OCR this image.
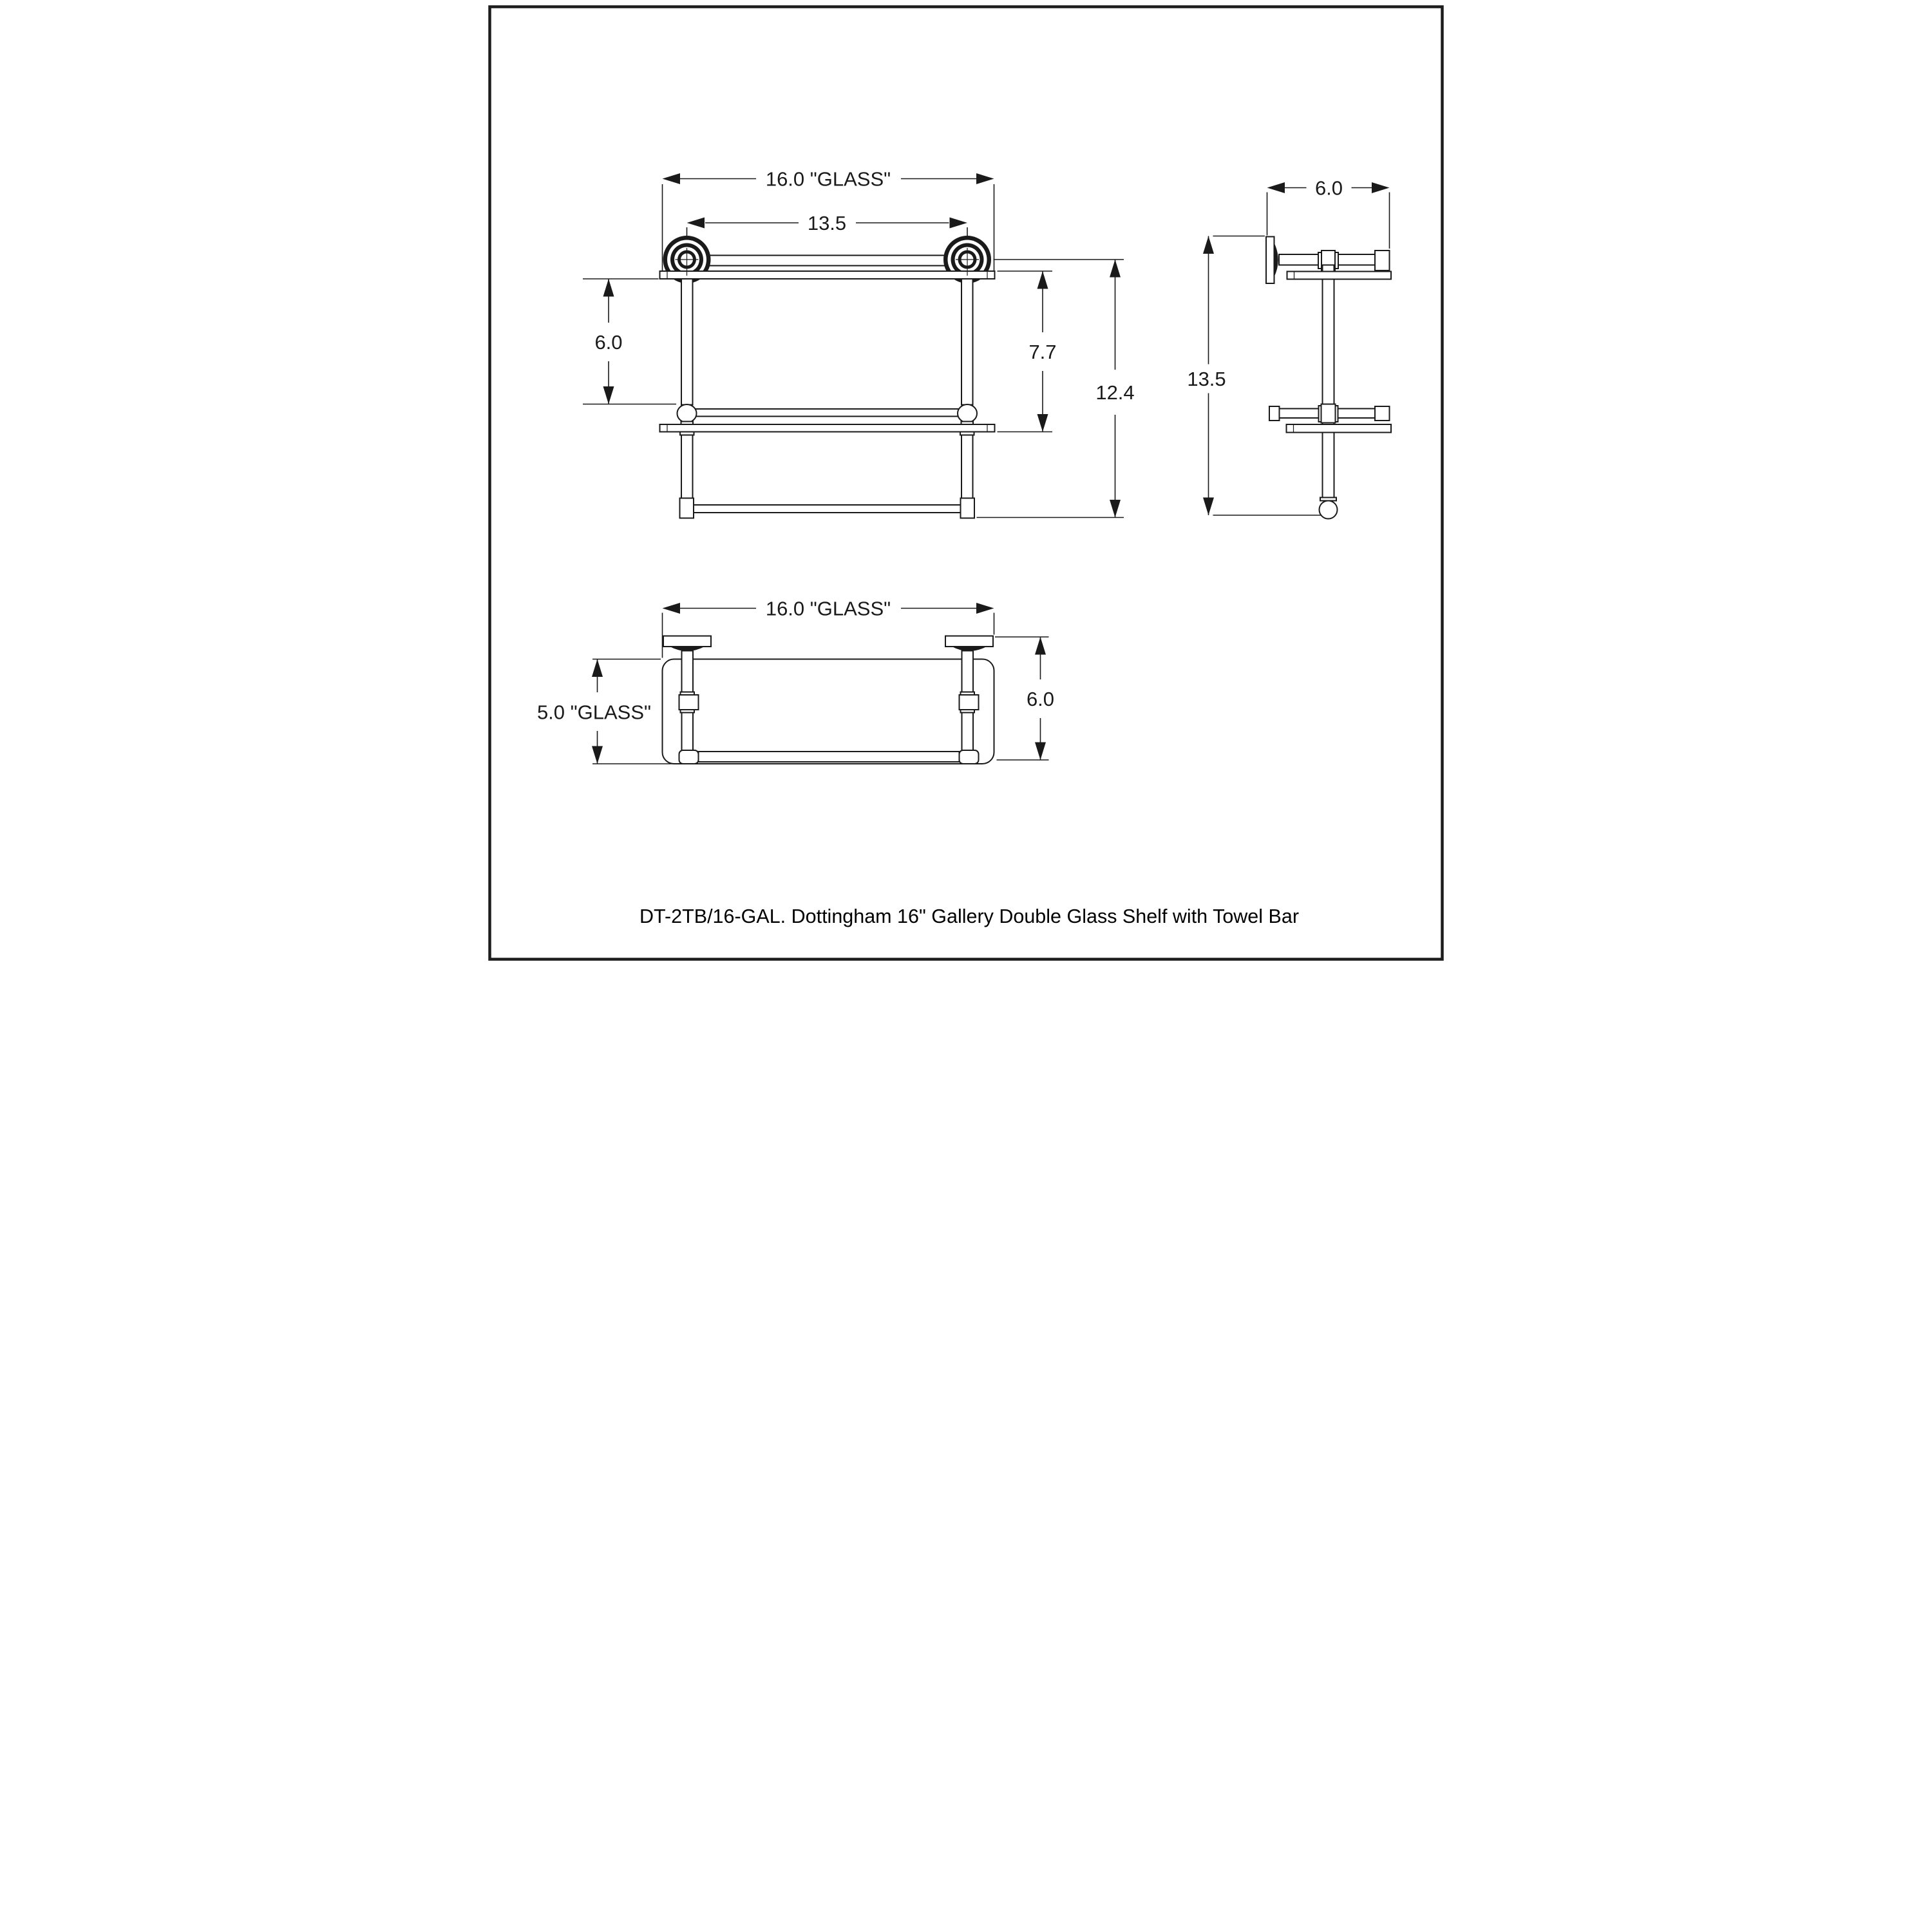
16.0 "GLASS"
13.5
6.0	7.7
12.4
6.0
13.5
16.0 "GLASS"
5.0 "GLASS"
6.0
DT-2TB/16-GAL. Dottingham 16" Gallery Double Glass Shelf with Towel Bar
